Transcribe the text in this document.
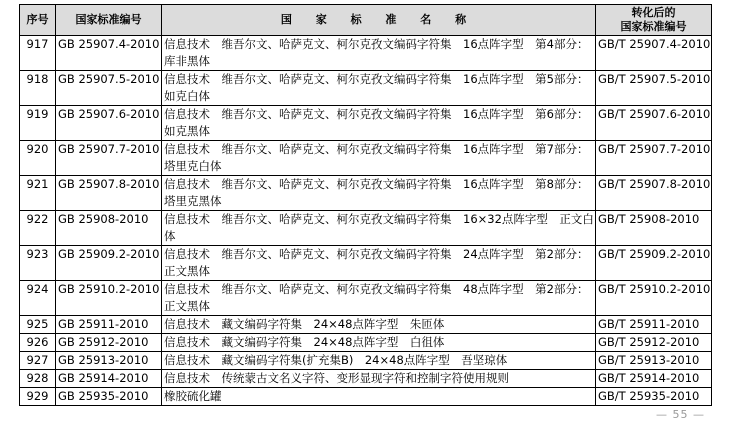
序号	国家标准编号	国 家 标 准 名 称	转化后的
国家标准编号
917	GB 25907.4-2010	信息技术　维吾尔文、哈萨克文、柯尔克孜文编码字符集　16点阵字型　第4部分：库非黑体	GB/T 25907.4-2010
918	GB 25907.5-2010	信息技术　维吾尔文、哈萨克文、柯尔克孜文编码字符集　16点阵字型　第5部分：如克白体	GB/T 25907.5-2010
919	GB 25907.6-2010	信息技术　维吾尔文、哈萨克文、柯尔克孜文编码字符集　16点阵字型　第6部分：如克黑体	GB/T 25907.6-2010
920	GB 25907.7-2010	信息技术　维吾尔文、哈萨克文、柯尔克孜文编码字符集　16点阵字型　第7部分：塔里克白体	GB/T 25907.7-2010
921	GB 25907.8-2010	信息技术　维吾尔文、哈萨克文、柯尔克孜文编码字符集　16点阵字型　第8部分：塔里克黑体	GB/T 25907.8-2010
922	GB 25908-2010	信息技术　维吾尔文、哈萨克文、柯尔克孜文编码字符集　16×32点阵字型　正文白体	GB/T 25908-2010
923	GB 25909.2-2010	信息技术　维吾尔文、哈萨克文、柯尔克孜文编码字符集　24点阵字型　第2部分：正文黑体	GB/T 25909.2-2010
924	GB 25910.2-2010	信息技术　维吾尔文、哈萨克文、柯尔克孜文编码字符集　48点阵字型　第2部分：正文黑体	GB/T 25910.2-2010
925	GB 25911-2010	信息技术　藏文编码字符集　24×48点阵字型　朱匝体	GB/T 25911-2010
926	GB 25912-2010	信息技术　藏文编码字符集　24×48点阵字型　白徂体	GB/T 25912-2010
927	GB 25913-2010	信息技术　藏文编码字符集(扩充集B)　24×48点阵字型　吾坚琼体	GB/T 25913-2010
928	GB 25914-2010	信息技术　传统蒙古文名义字符、变形显现字符和控制字符使用规则	GB/T 25914-2010
929	GB 25935-2010	橡胶硫化罐	GB/T 25935-2010
— 55 —
